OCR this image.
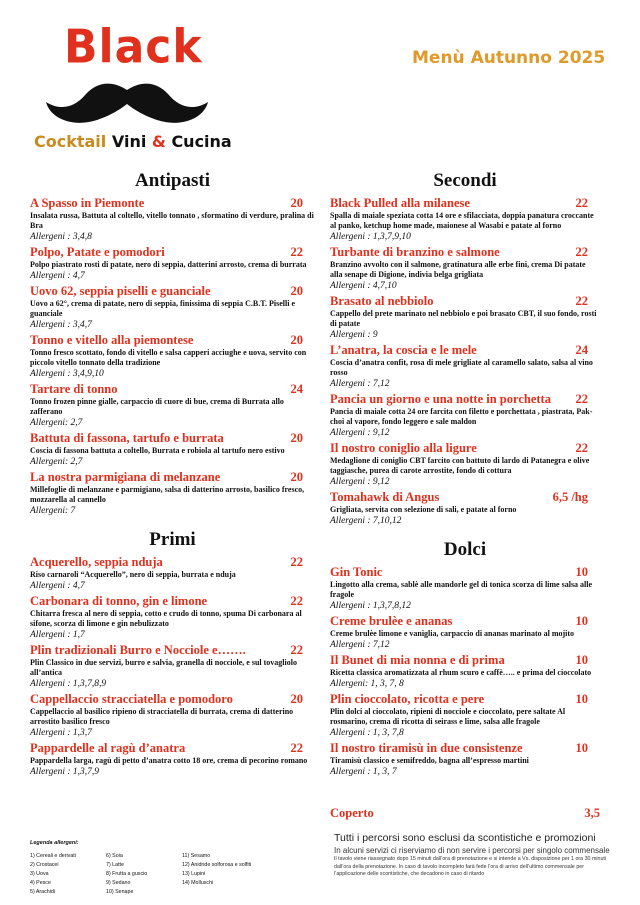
Black
Cocktail Vini & Cucina
Menù Autunno 2025
Antipasti
A Spasso in Piemonte	20
Insalata russa, Battuta al coltello, vitello tonnato , sformatino di verdure, pralina di Bra
Allergeni : 3,4,8
Polpo, Patate e pomodori	22
Polpo piastrato rosti di patate, nero di seppia, datterini arrosto, crema di burrata
Allergeni : 4,7
Uovo 62, seppia piselli e guanciale	20
Uovo a 62°, crema di patate, nero di seppia, finissima di seppia C.B.T. Piselli e guanciale
Allergeni : 3,4,7
Tonno e vitello alla piemontese	20
Tonno fresco scottato, fondo di vitello e salsa capperi acciughe e uova, servito con piccolo vitello tonnato della tradizione
Allergeni : 3,4,9,10
Tartare di tonno	24
Tonno frozen pinne gialle, carpaccio di cuore di bue, crema di Burrata allo zafferano
Allergeni: 2,7
Battuta di fassona, tartufo e burrata	20
Coscia di fassona battuta a coltello, Burrata e robiola al tartufo nero estivo
Allergeni: 2,7
La nostra parmigiana di melanzane	20
Millefoglie di melanzane e parmigiano, salsa di datterino arrosto, basilico fresco, mozzarella al cannello
Allergeni: 7
Primi
Acquerello, seppia nduja	22
Riso carnaroli “Acquerello”, nero di seppia, burrata e nduja
Allergeni : 4,7
Carbonara di tonno, gin e limone	22
Chitarra fresca al nero di seppia, cotto e crudo di tonno, spuma Di carbonara al sifone, scorza di limone e gin nebulizzato
Allergeni : 1,7
Plin tradizionali Burro e Nocciole e…….	22
Plin Classico in due servizi, burro e salvia, granella di nocciole, e sul tovagliolo all’antica
Allergeni : 1,3,7,8,9
Cappellaccio stracciatella e pomodoro	20
Cappellaccio al basilico ripieno di stracciatella di burrata, crema di datterino arrostito basilico fresco
Allergeni : 1,3,7
Pappardelle al ragù d’anatra	22
Pappardella larga, ragù di petto d’anatra cotto 18 ore, crema di pecorino romano
Allergeni : 1,3,7,9
Secondi
Black Pulled alla milanese	22
Spalla di maiale speziata cotta 14 ore e sfilacciata, doppia panatura croccante al panko, ketchup home made, maionese al Wasabi e patate al forno
Allergeni : 1,3,7,9,10
Turbante di branzino e salmone	22
Branzino avvolto con il salmone, gratinatura alle erbe fini, crema Di patate alla senape di Digione, indivia belga grigliata
Allergeni : 4,7,10
Brasato al nebbiolo	22
Cappello del prete marinato nel nebbiolo e poi brasato CBT, il suo fondo, rosti di patate
Allergeni : 9
L’anatra, la coscia e le mele	24
Coscia d’anatra confit, rosa di mele grigliate al caramello salato, salsa al vino rosso
Allergeni : 7,12
Pancia un giorno e una notte in porchetta 22
Pancia di maiale cotta 24 ore farcita con filetto e porchettata , piastrata, Pak-choi al vapore, fondo leggero e sale maldon
Allergeni : 9,12
Il nostro coniglio alla ligure	22
Medaglione di coniglio CBT farcito con battuto di lardo di Patanegra e olive taggiasche, purea di carote arrostite, fondo di cottura
Allergeni : 9,12
Tomahawk di Angus	6,5 /hg
Grigliata, servita con selezione di sali, e patate al forno
Allergeni : 7,10,12
Dolci
Gin Tonic	10
Lingotto alla crema, sablè alle mandorle gel di tonica scorza di lime salsa alle fragole
Allergeni : 1,3,7,8,12
Creme brulèe e ananas	10
Creme brulèe limone e vaniglia, carpaccio di ananas marinato al mojito
Allergeni : 7,12
Il Bunet di mia nonna e di prima	10
Ricetta classica aromatizzata al rhum scuro e caffè….. e prima del cioccolato
Allergeni: 1, 3, 7, 8
Plin cioccolato, ricotta e pere	10
Plin dolci al cioccolato, ripieni di nocciole e cioccolato, pere saltate Al rosmarino, crema di ricotta di seirass e lime, salsa alle fragole
Allergeni : 1, 3, 7,8
Il nostro tiramisù in due consistenze	10
Tiramisù classico e semifreddo, bagna all’espresso martini
Allergeni : 1, 3, 7
Coperto	3,5
Legenda allergeni:
1) Cereali e derivati	6) Soia	11) Sesamo
2) Crostacei	7) Latte	12) Anidride solforosa e solfiti
3) Uova	8) Frutta a guscio	13) Lupini
4) Pesce	9) Sedano	14) Molluschi
5) Arachidi	10) Senape
Tutti i percorsi sono esclusi da scontistiche e promozioni
In alcuni servizi ci riserviamo di non servire i percorsi per singolo commensale
Il tavolo viene riassegnato dopo 15 minuti dall’ora di prenotazione e si intende a Vs. disposizione per 1 ora 30 minuti dall’ora della prenotazione. In caso di tavolo incompleto farà fede l’ora di arrivo dell’ultimo commensale per l’applicazione delle scontistiche, che decadono in caso di ritardo
